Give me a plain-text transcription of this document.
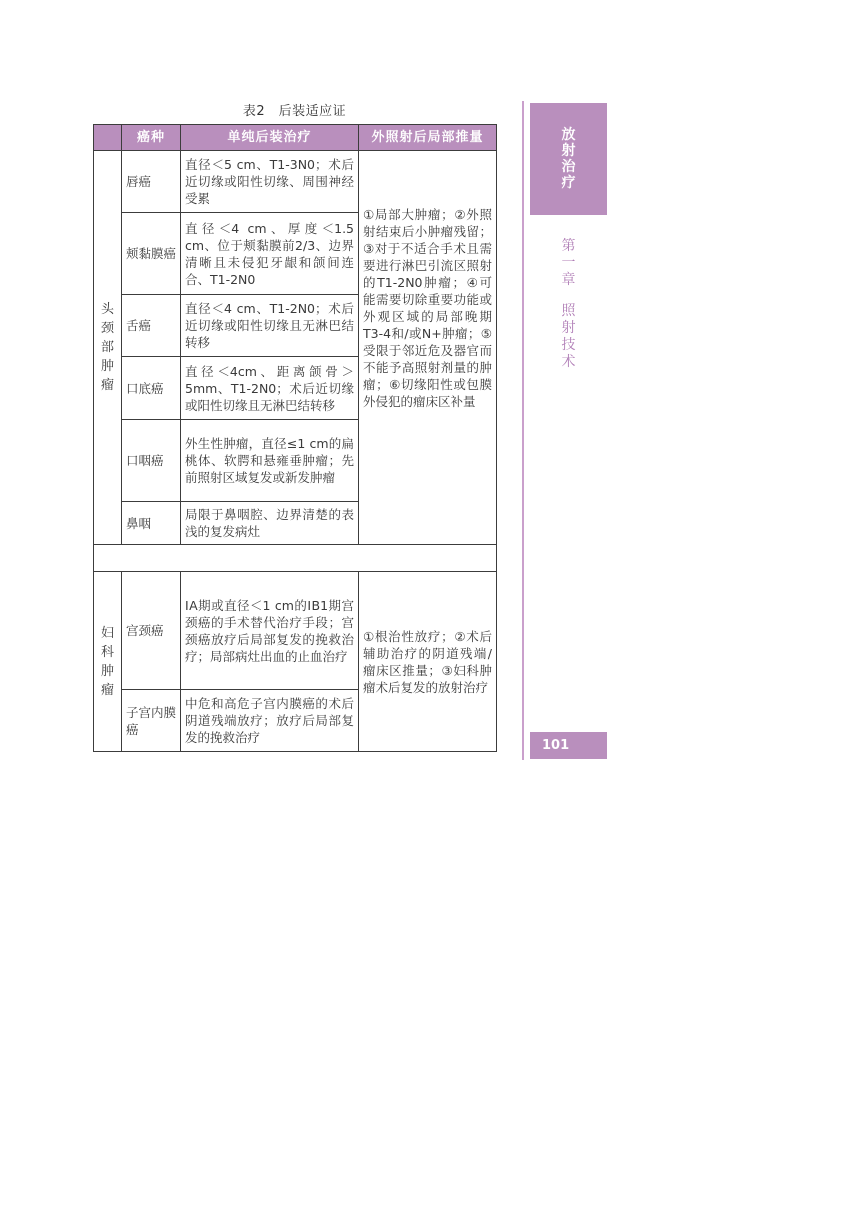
表2　后装适应证
	癌种	单纯后装治疗	外照射后局部推量

头
颈
部
肿
瘤	唇癌	直径＜5 cm、T1-3N0；术后近切缘或阳性切缘、周围神经受累	①局部大肿瘤；②外照射结束后小肿瘤残留；③对于不适合手术且需要进行淋巴引流区照射的T1-2N0肿瘤；④可能需要切除重要功能或外观区域的局部晚期T3-4和/或N+肿瘤；⑤受限于邻近危及器官而不能予高照射剂量的肿瘤；⑥切缘阳性或包膜外侵犯的瘤床区补量
	颊黏膜癌	直径＜4 cm、厚度＜1.5 cm、位于颊黏膜前2/3、边界清晰且未侵犯牙龈和颌间连合、T1-2N0	
	舌癌	直径＜4 cm、T1-2N0；术后近切缘或阳性切缘且无淋巴结转移	
	口底癌	直径＜4cm、距离颌骨＞5mm、T1-2N0；术后近切缘或阳性切缘且无淋巴结转移	
	口咽癌	外生性肿瘤，直径≤1 cm的扁桃体、软腭和悬雍垂肿瘤；先前照射区域复发或新发肿瘤	
	鼻咽	局限于鼻咽腔、边界清楚的表浅的复发病灶	

妇
科
肿
瘤	宫颈癌	ⅠA期或直径＜1 cm的ⅠB1期宫颈癌的手术替代治疗手段；宫颈癌放疗后局部复发的挽救治疗；局部病灶出血的止血治疗	①根治性放疗；②术后辅助治疗的阴道残端/瘤床区推量；③妇科肿瘤术后复发的放射治疗
	子宫内膜癌	中危和高危子宫内膜癌的术后阴道残端放疗；放疗后局部复发的挽救治疗	
放
射
治
疗
第
一
章
照
射
技
术
101
